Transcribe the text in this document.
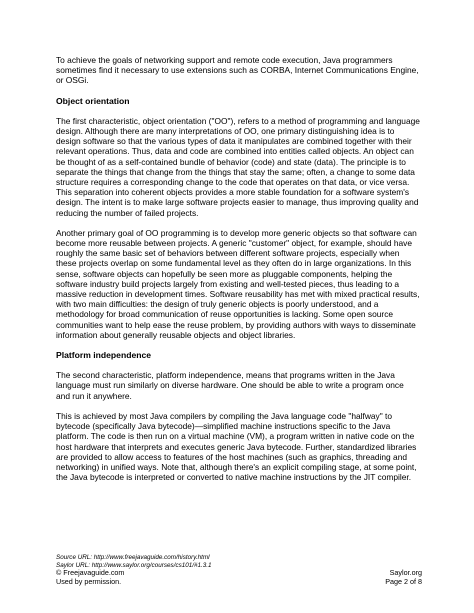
To achieve the goals of networking support and remote code execution, Java programmers sometimes find it necessary to use extensions such as CORBA, Internet Communications Engine, or OSGi.

Object orientation

The first characteristic, object orientation ("OO"), refers to a method of programming and language design. Although there are many interpretations of OO, one primary distinguishing idea is to design software so that the various types of data it manipulates are combined together with their relevant operations. Thus, data and code are combined into entities called objects. An object can be thought of as a self-contained bundle of behavior (code) and state (data). The principle is to separate the things that change from the things that stay the same; often, a change to some data structure requires a corresponding change to the code that operates on that data, or vice versa. This separation into coherent objects provides a more stable foundation for a software system's design. The intent is to make large software projects easier to manage, thus improving quality and reducing the number of failed projects.

Another primary goal of OO programming is to develop more generic objects so that software can become more reusable between projects. A generic "customer" object, for example, should have roughly the same basic set of behaviors between different software projects, especially when these projects overlap on some fundamental level as they often do in large organizations. In this sense, software objects can hopefully be seen more as pluggable components, helping the software industry build projects largely from existing and well-tested pieces, thus leading to a massive reduction in development times. Software reusability has met with mixed practical results, with two main difficulties: the design of truly generic objects is poorly understood, and a methodology for broad communication of reuse opportunities is lacking. Some open source communities want to help ease the reuse problem, by providing authors with ways to disseminate information about generally reusable objects and object libraries.

Platform independence

The second characteristic, platform independence, means that programs written in the Java language must run similarly on diverse hardware. One should be able to write a program once and run it anywhere.

This is achieved by most Java compilers by compiling the Java language code "halfway" to bytecode (specifically Java bytecode)—simplified machine instructions specific to the Java platform. The code is then run on a virtual machine (VM), a program written in native code on the host hardware that interprets and executes generic Java bytecode. Further, standardized libraries are provided to allow access to features of the host machines (such as graphics, threading and networking) in unified ways. Note that, although there's an explicit compiling stage, at some point, the Java bytecode is interpreted or converted to native machine instructions by the JIT compiler.

Source URL: http://www.freejavaguide.com/history.html
Saylor URL: http://www.saylor.org/courses/cs101/#1.3.1
© Freejavaguide.com	Saylor.org
Used by permission.	Page 2 of 8
